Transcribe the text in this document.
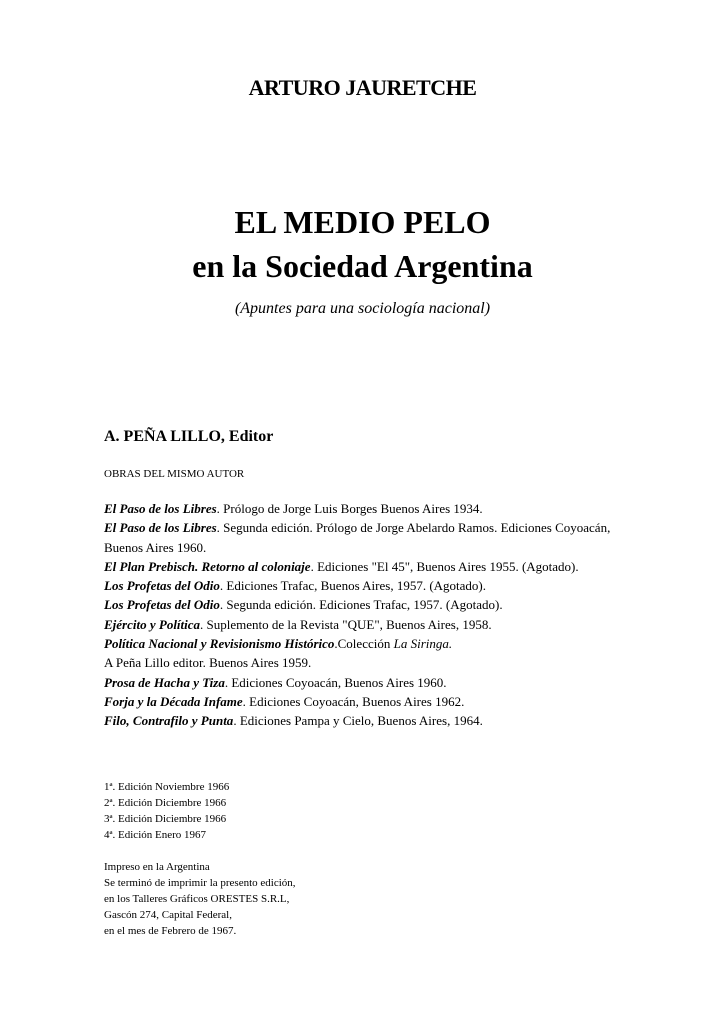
ARTURO JAURETCHE
EL MEDIO PELO
en la Sociedad Argentina

(Apuntes para una sociología nacional)

A. PEÑA LILLO, Editor

OBRAS DEL MISMO AUTOR

El Paso de los Libres. Prólogo de Jorge Luis Borges Buenos Aires 1934.
El Paso de los Libres. Segunda edición. Prólogo de Jorge Abelardo Ramos. Ediciones Coyoacán,
Buenos Aires 1960.
El Plan Prebisch. Retorno al coloniaje. Ediciones "El 45", Buenos Aires 1955. (Agotado).
Los Profetas del Odio. Ediciones Trafac, Buenos Aires, 1957. (Agotado).
Los Profetas del Odio. Segunda edición. Ediciones Trafac, 1957. (Agotado).
Ejército y Política. Suplemento de la Revista "QUE", Buenos Aires, 1958.
Política Nacional y Revisionismo Histórico.Colección La Siringa.
A Peña Lillo editor. Buenos Aires 1959.
Prosa de Hacha y Tiza. Ediciones Coyoacán, Buenos Aires 1960.
Forja y la Década Infame. Ediciones Coyoacán, Buenos Aires 1962.
Filo, Contrafilo y Punta. Ediciones Pampa y Cielo, Buenos Aires, 1964.
1ª. Edición Noviembre 1966
2ª. Edición Diciembre 1966
3ª. Edición Diciembre 1966
4ª. Edición Enero 1967
Impreso en la Argentina
Se terminó de imprimir la presento edición,
en los Talleres Gráficos ORESTES S.R.L,
Gascón 274, Capital Federal,
en el mes de Febrero de 1967.
